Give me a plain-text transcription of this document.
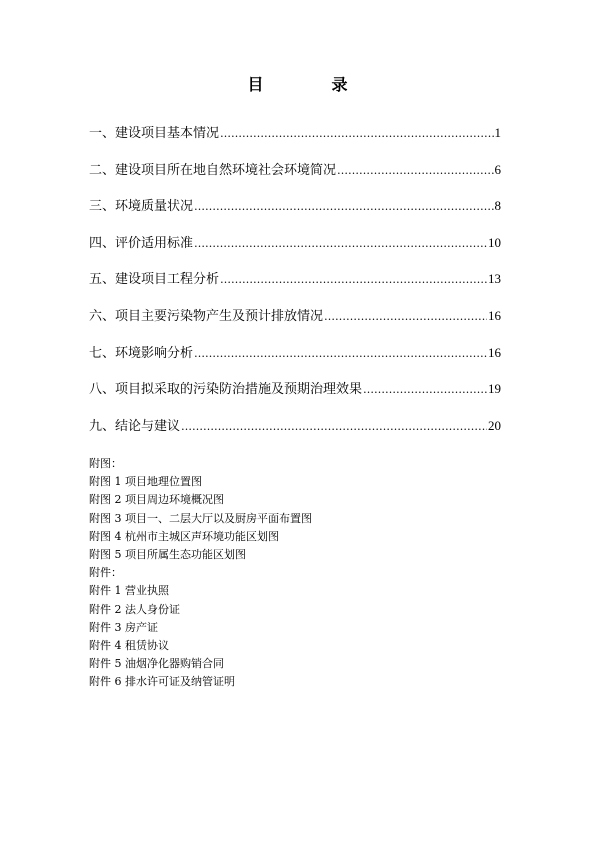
目　录
一、建设项目基本情况 …………………………………………………………………………………………………………………………………………	1
二、建设项目所在地自然环境社会环境简况 …………………………………………………………………………………………………………………………………………	6
三、环境质量状况 …………………………………………………………………………………………………………………………………………	8
四、评价适用标准 …………………………………………………………………………………………………………………………………………	10
五、建设项目工程分析 …………………………………………………………………………………………………………………………………………	13
六、项目主要污染物产生及预计排放情况 …………………………………………………………………………………………………………………………………………	16
七、环境影响分析 …………………………………………………………………………………………………………………………………………	16
八、项目拟采取的污染防治措施及预期治理效果 …………………………………………………………………………………………………………………………………………	19
九、结论与建议 …………………………………………………………………………………………………………………………………………	20
附图：
附图 1 项目地理位置图
附图 2 项目周边环境概况图
附图 3 项目一、二层大厅以及厨房平面布置图
附图 4 杭州市主城区声环境功能区划图
附图 5 项目所属生态功能区划图
附件：
附件 1 营业执照
附件 2 法人身份证
附件 3 房产证
附件 4 租赁协议
附件 5 油烟净化器购销合同
附件 6 排水许可证及纳管证明
